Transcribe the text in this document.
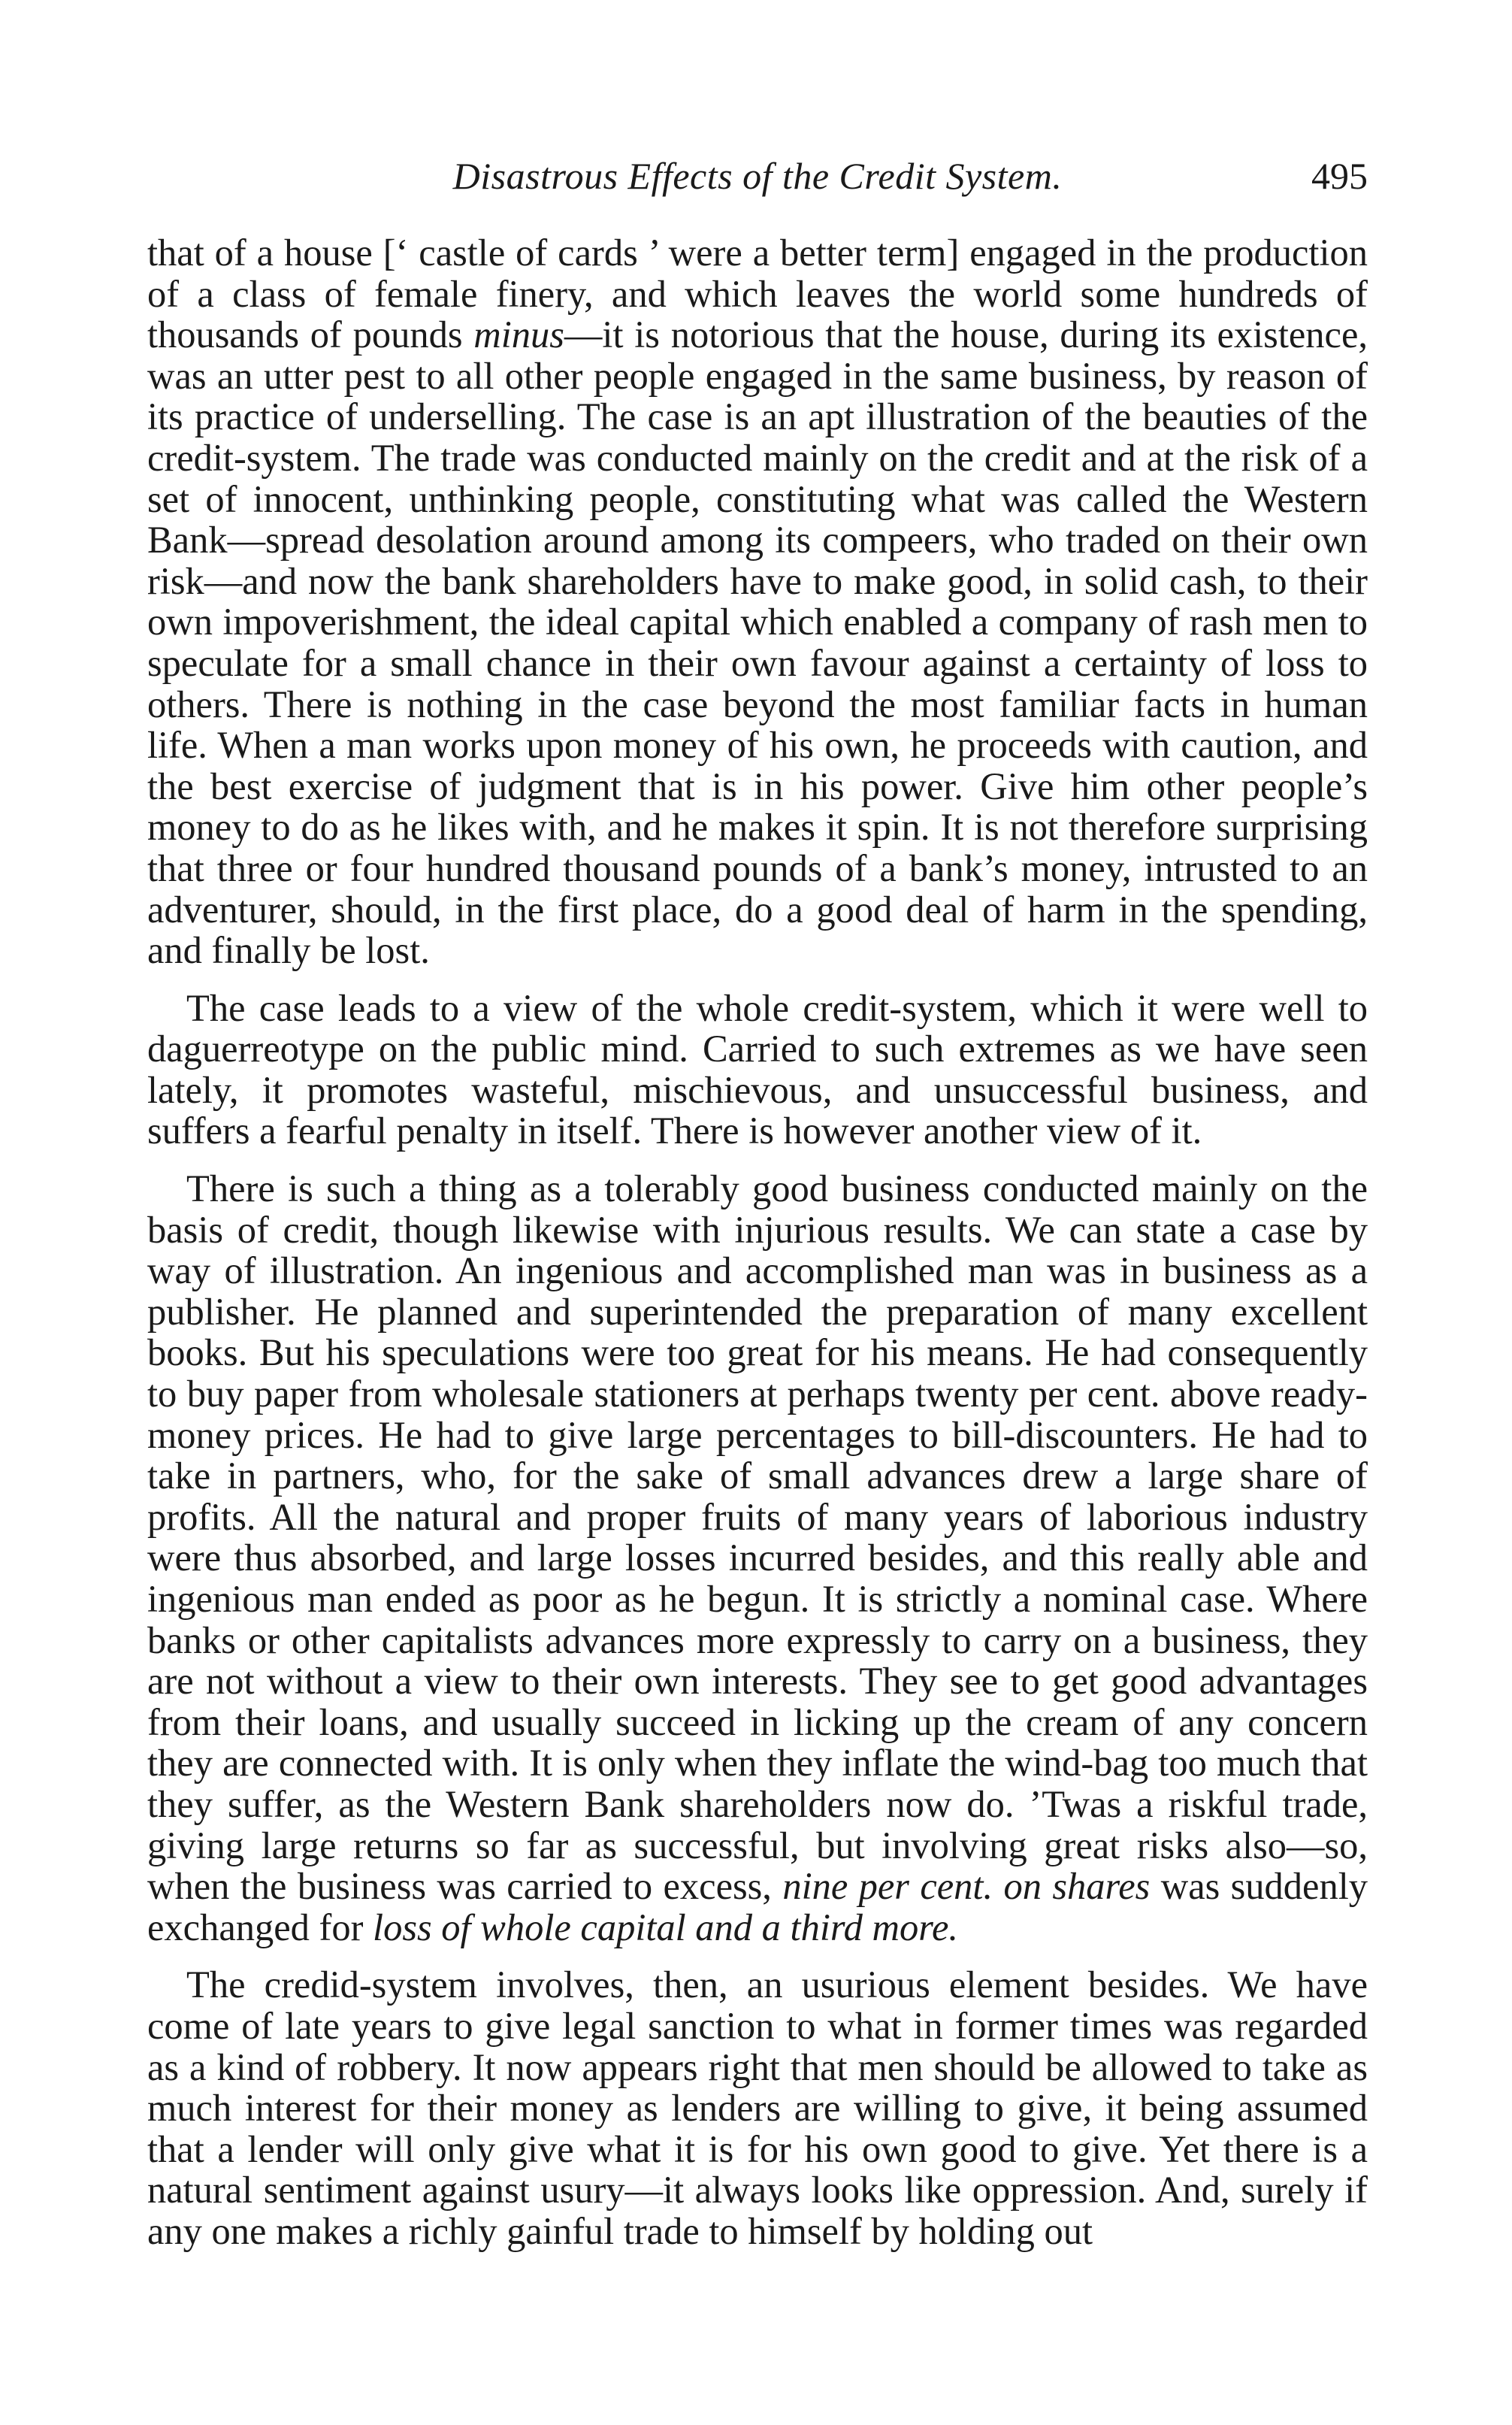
Disastrous Effects of the Credit System.	495

that of a house [‘ castle of cards ’ were a better term] engaged in the production of a class of female finery, and which leaves the world some hundreds of thousands of pounds minus—it is notorious that the house, during its existence, was an utter pest to all other people engaged in the same business, by reason of its practice of underselling. The case is an apt illustration of the beauties of the credit-system. The trade was conducted mainly on the credit and at the risk of a set of innocent, unthinking people, constituting what was called the Western Bank—spread desolation around among its compeers, who traded on their own risk—and now the bank shareholders have to make good, in solid cash, to their own impoverishment, the ideal capital which enabled a company of rash men to speculate for a small chance in their own favour against a certainty of loss to others. There is nothing in the case beyond the most familiar facts in human life. When a man works upon money of his own, he proceeds with caution, and the best exercise of judgment that is in his power. Give him other people’s money to do as he likes with, and he makes it spin. It is not therefore surprising that three or four hundred thousand pounds of a bank’s money, intrusted to an adventurer, should, in the first place, do a good deal of harm in the spending, and finally be lost.

The case leads to a view of the whole credit-system, which it were well to daguerreotype on the public mind. Carried to such extremes as we have seen lately, it promotes wasteful, mischievous, and unsuccessful business, and suffers a fearful penalty in itself. There is however another view of it.

There is such a thing as a tolerably good business conducted mainly on the basis of credit, though likewise with injurious results. We can state a case by way of illustration. An ingenious and accomplished man was in business as a publisher. He planned and superintended the preparation of many excellent books. But his speculations were too great for his means. He had consequently to buy paper from wholesale stationers at perhaps twenty per cent. above ready-money prices. He had to give large percentages to bill-discounters. He had to take in partners, who, for the sake of small advances drew a large share of profits. All the natural and proper fruits of many years of laborious industry were thus absorbed, and large losses incurred besides, and this really able and ingenious man ended as poor as he begun. It is strictly a nominal case. Where banks or other capitalists advances more expressly to carry on a business, they are not without a view to their own interests. They see to get good advantages from their loans, and usually succeed in licking up the cream of any concern they are connected with. It is only when they inflate the wind-bag too much that they suffer, as the Western Bank shareholders now do. ’Twas a riskful trade, giving large returns so far as successful, but involving great risks also—so, when the business was carried to excess, nine per cent. on shares was suddenly exchanged for loss of whole capital and a third more.

The credid-system involves, then, an usurious element besides. We have come of late years to give legal sanction to what in former times was regarded as a kind of robbery. It now appears right that men should be allowed to take as much interest for their money as lenders are willing to give, it being assumed that a lender will only give what it is for his own good to give. Yet there is a natural sentiment against usury—it always looks like oppression. And, surely if any one makes a richly gainful trade to himself by holding out
